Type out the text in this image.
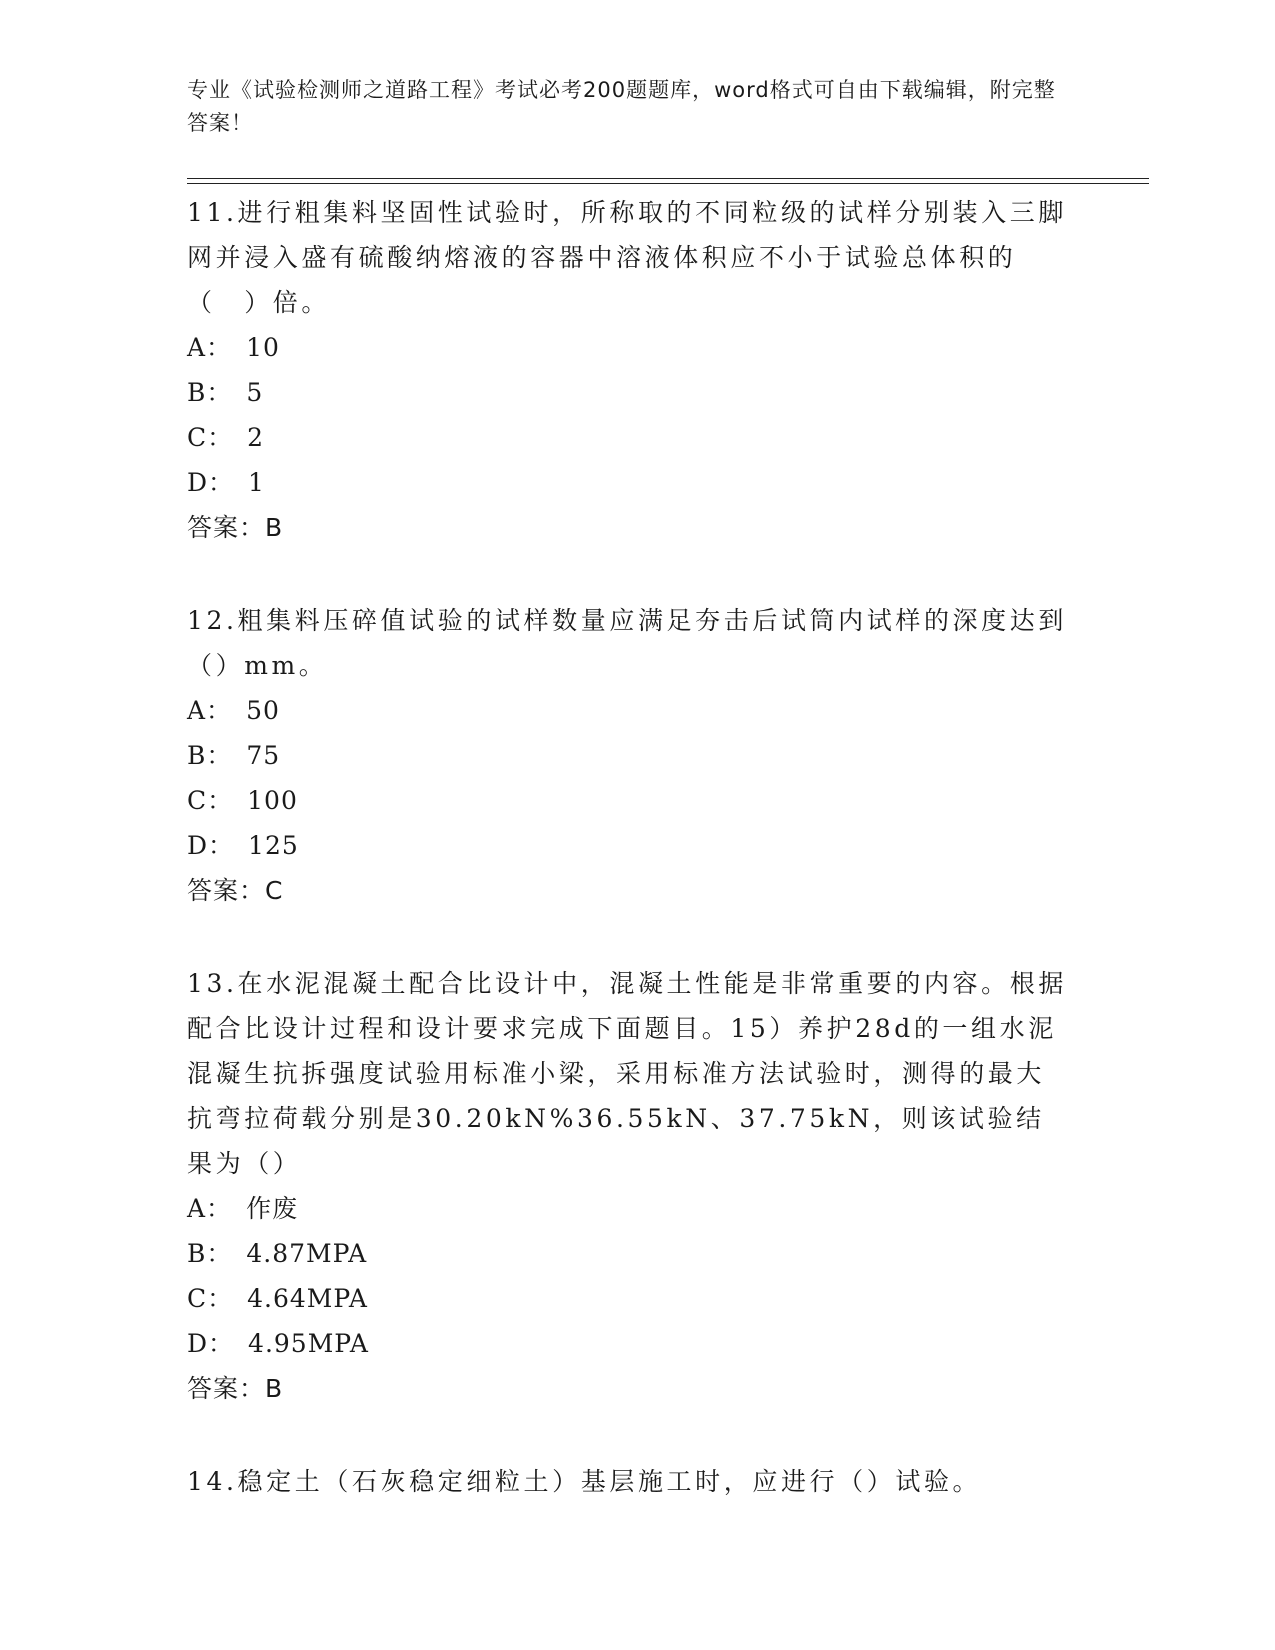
专业《试验检测师之道路工程》考试必考200题题库，word格式可自由下载编辑，附完整答案！

11.进行粗集料坚固性试验时，所称取的不同粒级的试样分别装入三脚网并浸入盛有硫酸纳熔液的容器中溶液体积应不小于试验总体积的（　）倍。

A： 10

B： 5

C： 2

D： 1

答案：B

12.粗集料压碎值试验的试样数量应满足夯击后试筒内试样的深度达到（）mm。

A： 50

B： 75

C： 100

D： 125

答案：C

13.在水泥混凝土配合比设计中，混凝土性能是非常重要的内容。根据配合比设计过程和设计要求完成下面题目。15）养护28d的一组水泥混凝生抗拆强度试验用标准小梁，采用标准方法试验时，测得的最大抗弯拉荷载分别是30.20kN%36.55kN、37.75kN，则该试验结果为（）

A： 作废

B： 4.87MPA

C： 4.64MPA

D： 4.95MPA

答案：B

14.稳定土（石灰稳定细粒土）基层施工时，应进行（）试验。
